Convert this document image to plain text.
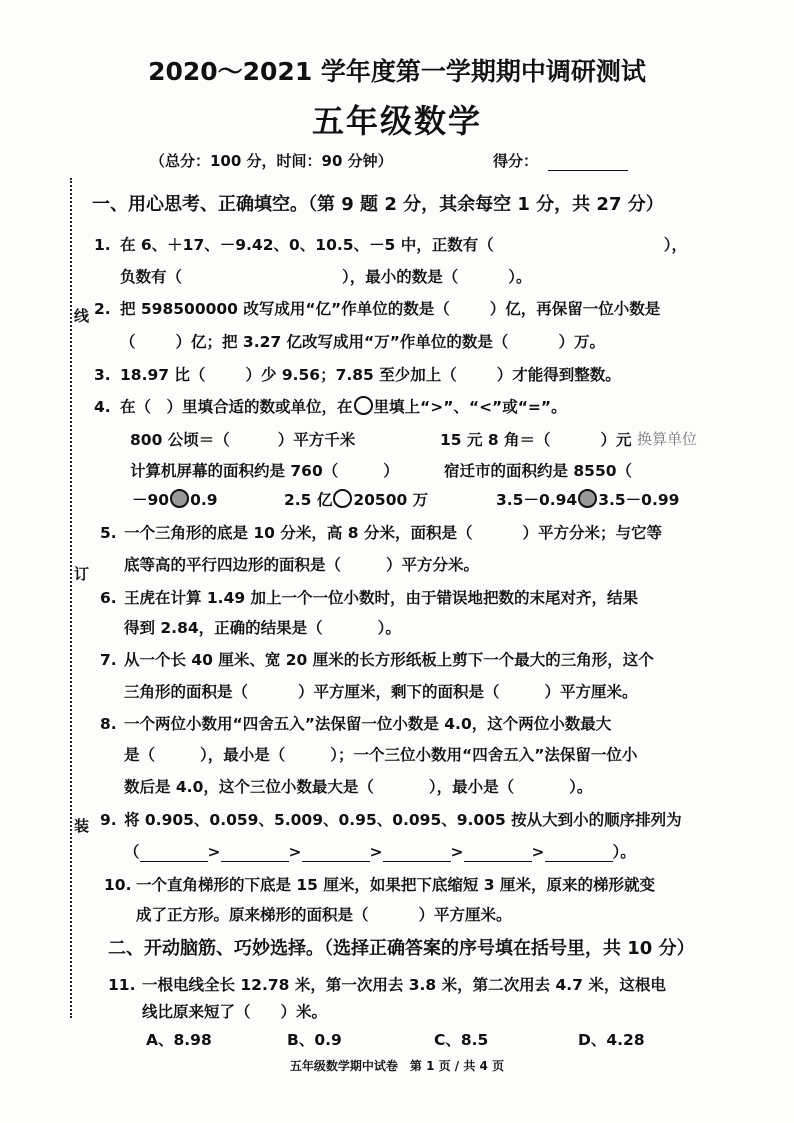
2020～2021 学年度第一学期期中调研测试
五年级数学
（总分：100 分，时间：90 分钟）	得分：
线
订
装
一、用心思考、正确填空。（第 9 题 2 分，其余每空 1 分，共 27 分）
1. 在 6、＋17、－9.42、0、10.5、－5 中，正数有（	），
负数有（	），最小的数是（	）。
2. 把 598500000 改写成用“亿”作单位的数是（	）亿，再保留一位小数是
（	）亿；把 3.27 亿改写成用“万”作单位的数是（	）万。
3. 18.97 比（	）少 9.56；7.85 至少加上（	）才能得到整数。
4. 在（　）里填合适的数或单位，在 里填上“>”、“<”或“=”。
800 公顷＝（	）平方千米	15 元 8 角＝（	）元 换算单位
计算机屏幕的面积约是 760（	）	宿迁市的面积约是 8550（
－90 0.9	2.5 亿 20500 万	3.5－0.94 3.5－0.99
5. 一个三角形的底是 10 分米，高 8 分米，面积是（	）平方分米；与它等
底等高的平行四边形的面积是（	）平方分米。
6. 王虎在计算 1.49 加上一个一位小数时，由于错误地把数的末尾对齐，结果
得到 2.84，正确的结果是（	）。
7. 从一个长 40 厘米、宽 20 厘米的长方形纸板上剪下一个最大的三角形，这个
三角形的面积是（	）平方厘米，剩下的面积是（	）平方厘米。
8. 一个两位小数用“四舍五入”法保留一位小数是 4.0，这个两位小数最大
是（	），最小是（	）；一个三位小数用“四舍五入”法保留一位小
数后是 4.0，这个三位小数最大是（	），最小是（	）。
9. 将 0.905、0.059、5.009、0.95、0.095、9.005 按从大到小的顺序排列为
（	>	>	>	>	>	）。
10. 一个直角梯形的下底是 15 厘米，如果把下底缩短 3 厘米，原来的梯形就变
成了正方形。原来梯形的面积是（	）平方厘米。
二、开动脑筋、巧妙选择。（选择正确答案的序号填在括号里，共 10 分）
11. 一根电线全长 12.78 米，第一次用去 3.8 米，第二次用去 4.7 米，这根电
线比原来短了（ ）米。
A、8.98	B、0.9	C、8.5	D、4.28
五年级数学期中试卷　第 1 页 / 共 4 页
